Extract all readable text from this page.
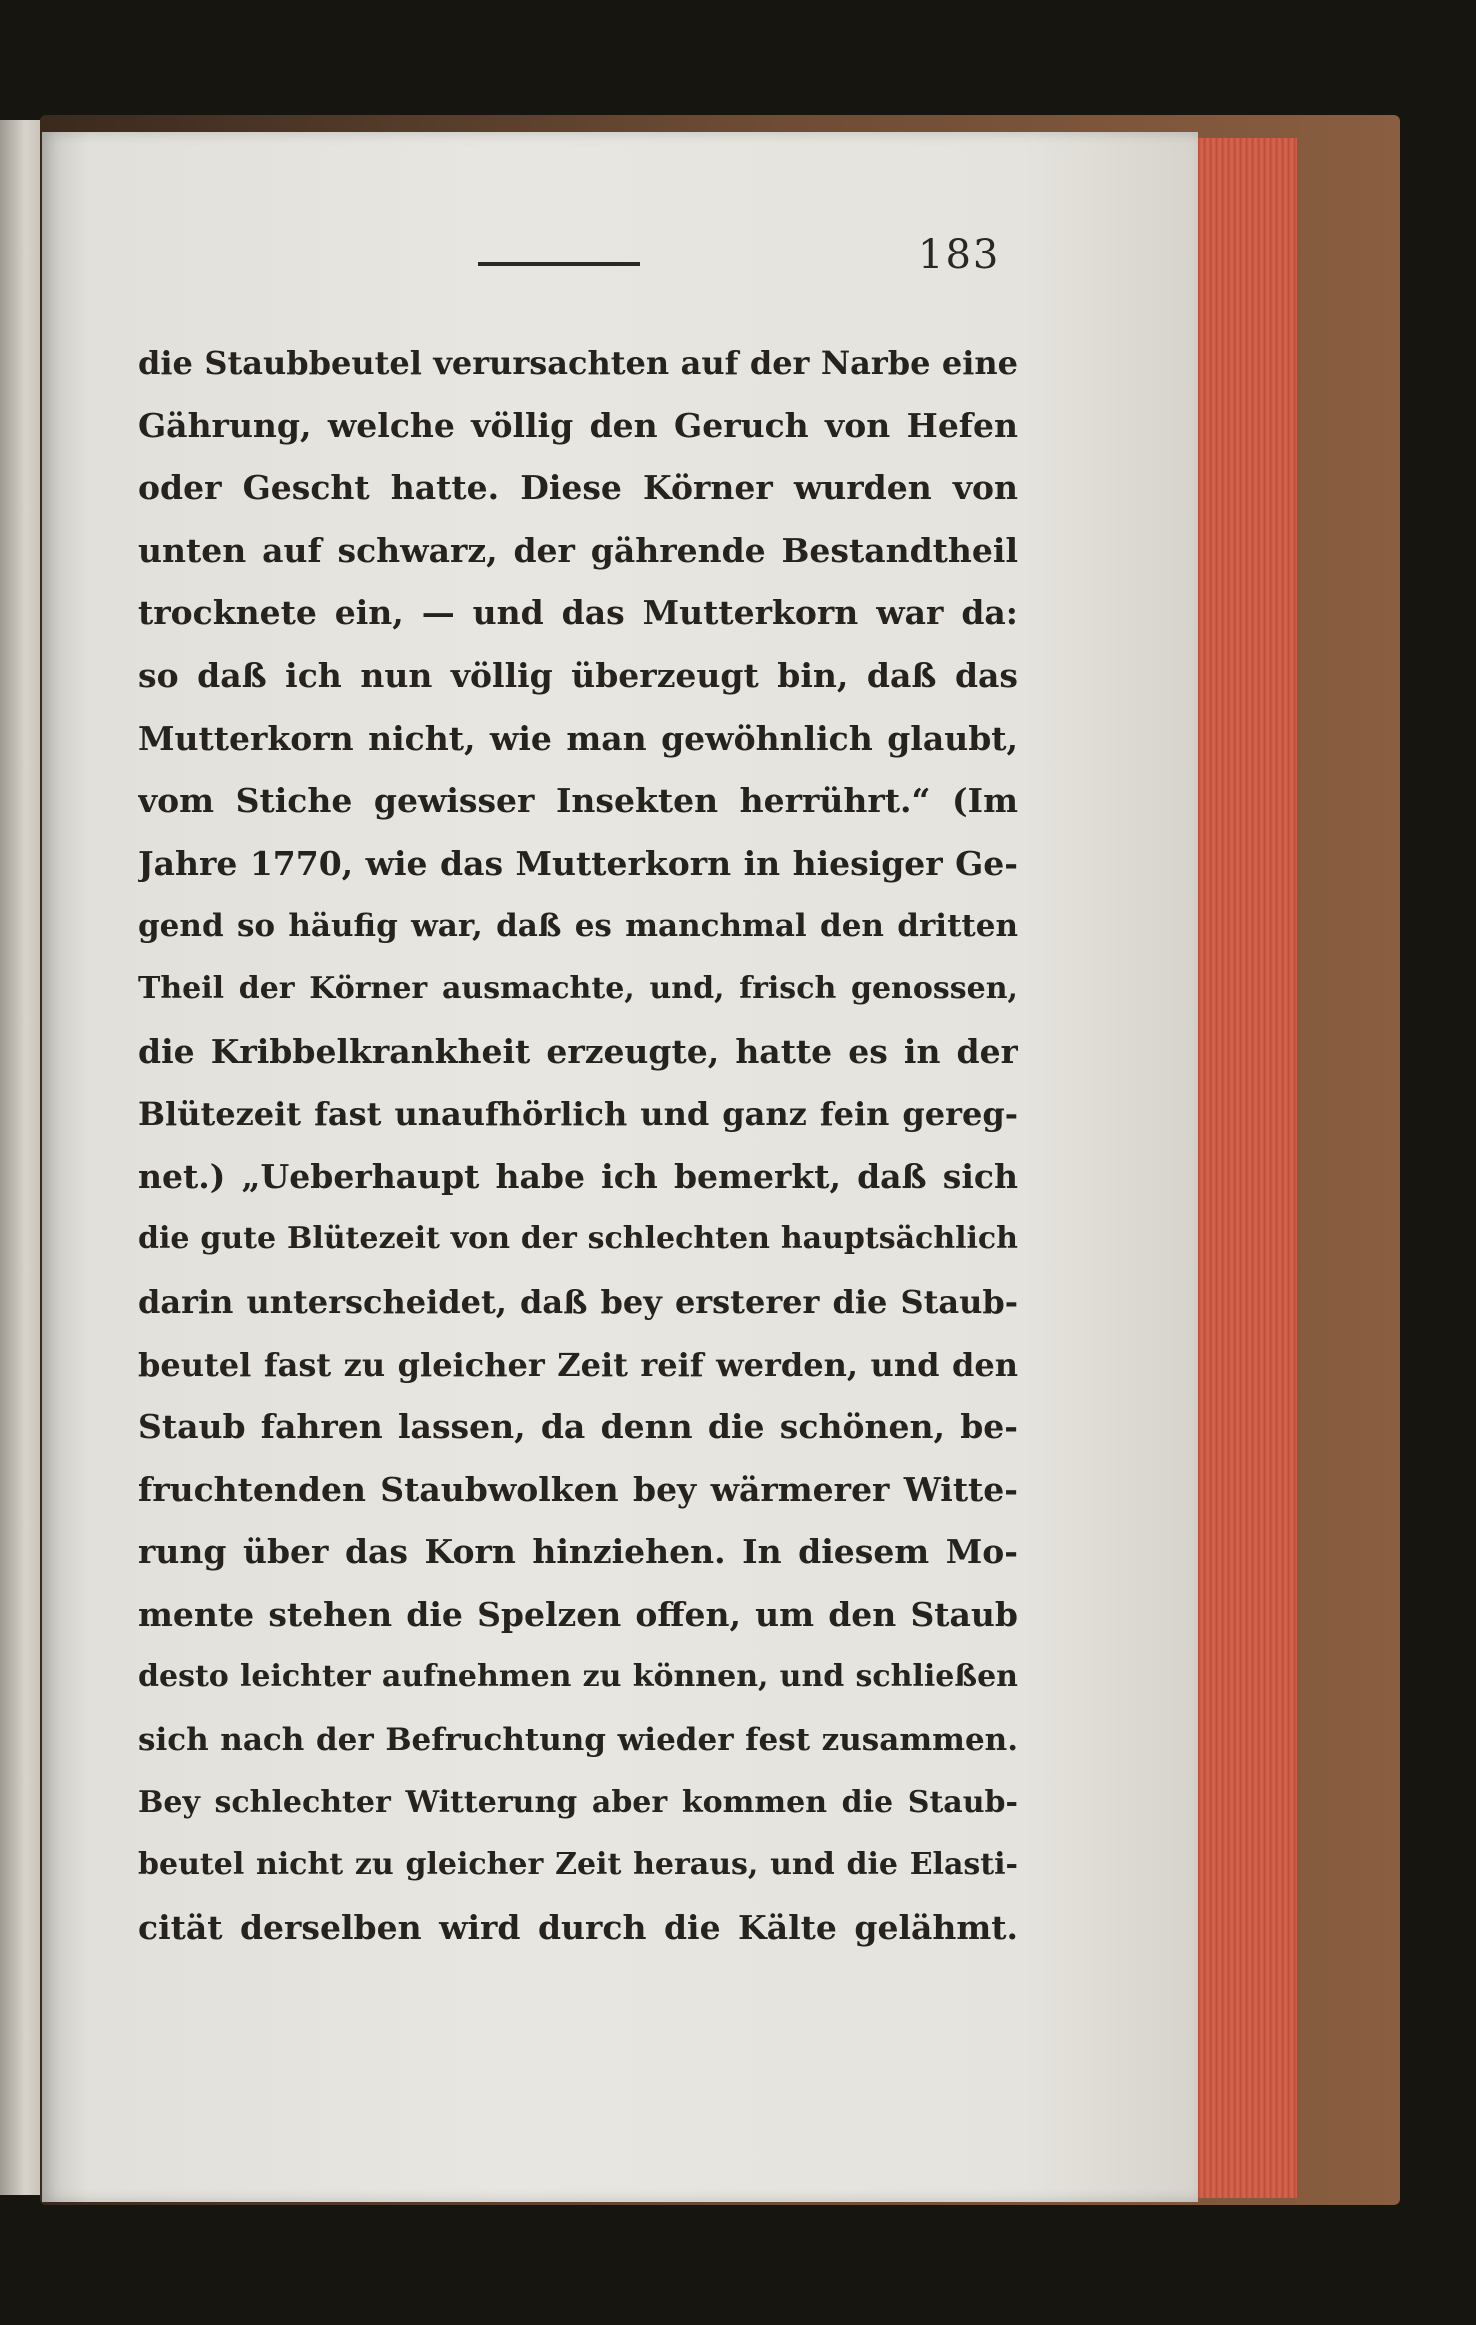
183
die Staubbeutel verursachten auf der Narbe eine
Gährung, welche völlig den Geruch von Hefen
oder Gescht hatte. Diese Körner wurden von
unten auf schwarz, der gährende Bestandtheil
trocknete ein, — und das Mutterkorn war da:
so daß ich nun völlig überzeugt bin, daß das
Mutterkorn nicht, wie man gewöhnlich glaubt,
vom Stiche gewisser Insekten herrührt.“ (Im
Jahre 1770, wie das Mutterkorn in hiesiger Ge-
gend so häufig war, daß es manchmal den dritten
Theil der Körner ausmachte, und, frisch genossen,
die Kribbelkrankheit erzeugte, hatte es in der
Blütezeit fast unaufhörlich und ganz fein gereg-
net.) „Ueberhaupt habe ich bemerkt, daß sich
die gute Blütezeit von der schlechten hauptsächlich
darin unterscheidet, daß bey ersterer die Staub-
beutel fast zu gleicher Zeit reif werden, und den
Staub fahren lassen, da denn die schönen, be-
fruchtenden Staubwolken bey wärmerer Witte-
rung über das Korn hinziehen. In diesem Mo-
mente stehen die Spelzen offen, um den Staub
desto leichter aufnehmen zu können, und schließen
sich nach der Befruchtung wieder fest zusammen.
Bey schlechter Witterung aber kommen die Staub-
beutel nicht zu gleicher Zeit heraus, und die Elasti-
cität derselben wird durch die Kälte gelähmt.
